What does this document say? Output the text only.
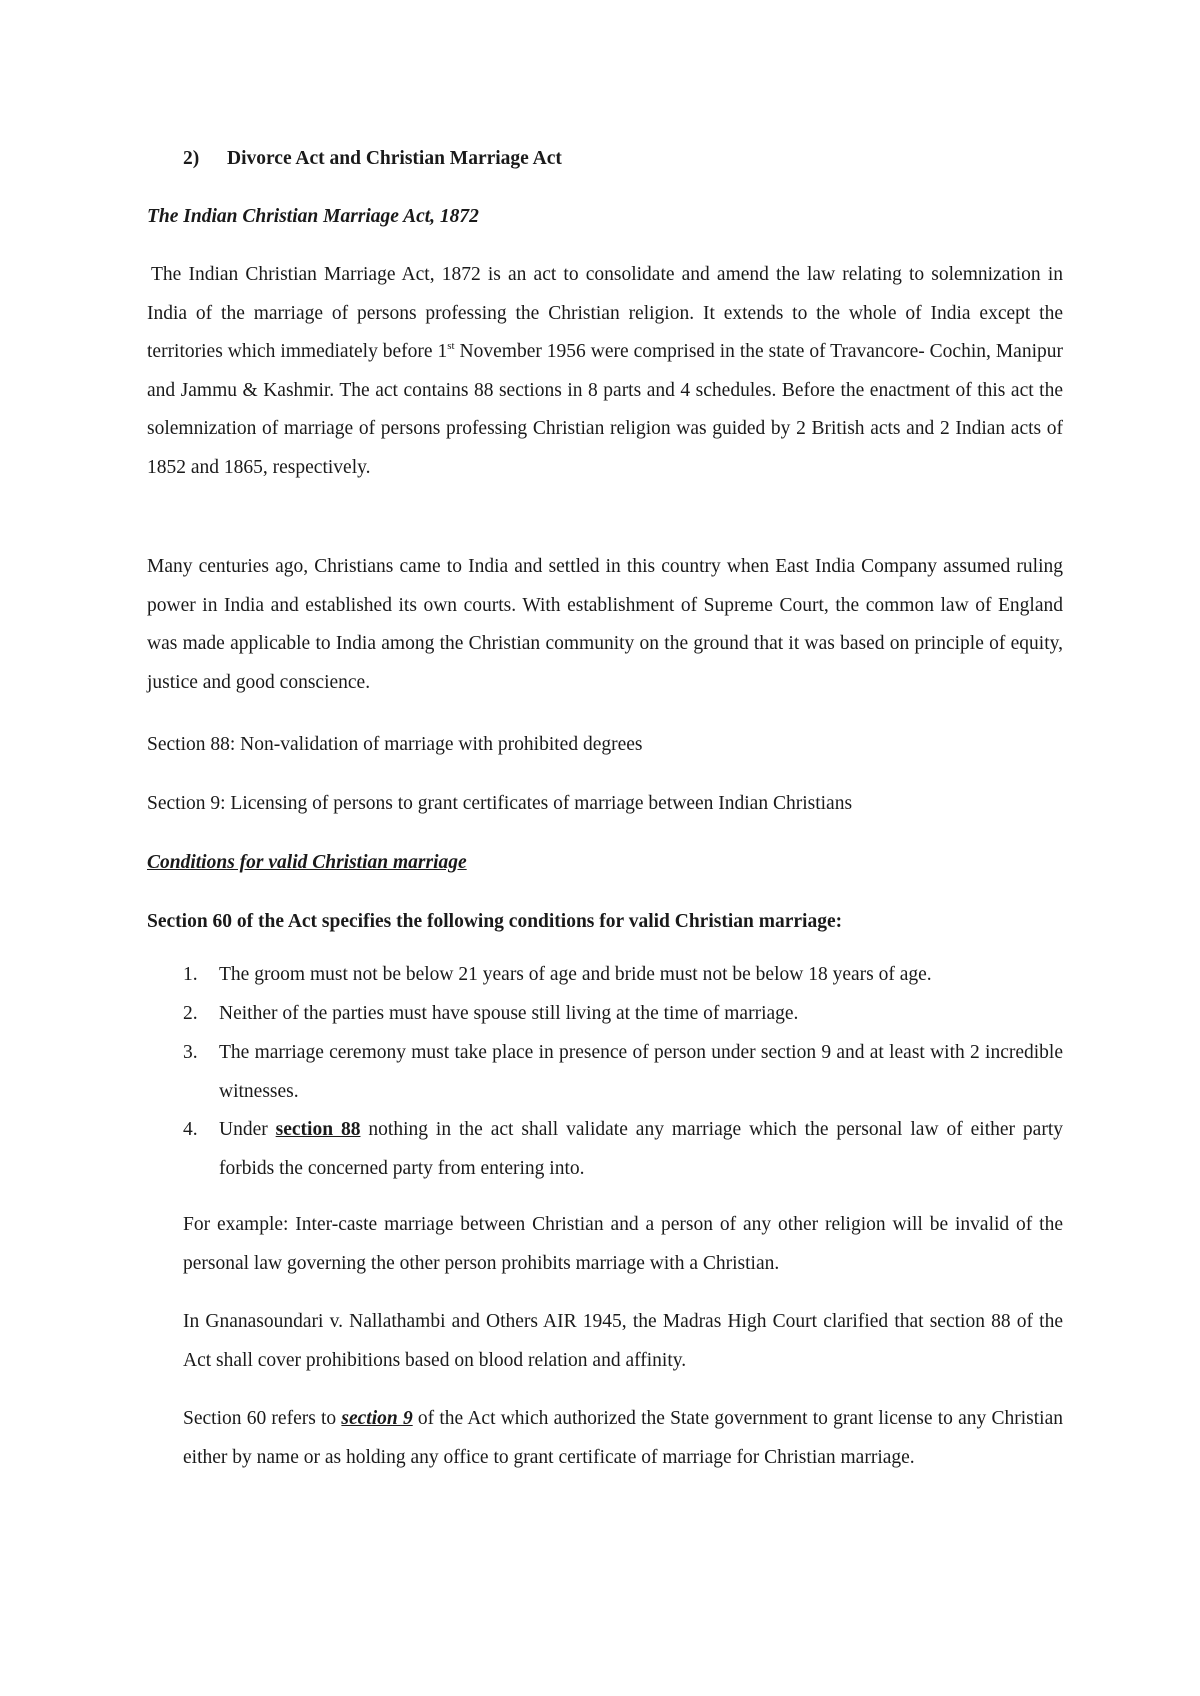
2) Divorce Act and Christian Marriage Act
The Indian Christian Marriage Act, 1872

The Indian Christian Marriage Act, 1872 is an act to consolidate and amend the law relating to solemnization in India of the marriage of persons professing the Christian religion. It extends to the whole of India except the territories which immediately before 1st November 1956 were comprised in the state of Travancore- Cochin, Manipur and Jammu & Kashmir. The act contains 88 sections in 8 parts and 4 schedules. Before the enactment of this act the solemnization of marriage of persons professing Christian religion was guided by 2 British acts and 2 Indian acts of 1852 and 1865, respectively.

Many centuries ago, Christians came to India and settled in this country when East India Company assumed ruling power in India and established its own courts. With establishment of Supreme Court, the common law of England was made applicable to India among the Christian community on the ground that it was based on principle of equity, justice and good conscience.

Section 88: Non-validation of marriage with prohibited degrees
Section 9: Licensing of persons to grant certificates of marriage between Indian Christians
Conditions for valid Christian marriage
Section 60 of the Act specifies the following conditions for valid Christian marriage:
1.	The groom must not be below 21 years of age and bride must not be below 18 years of age.
2.	Neither of the parties must have spouse still living at the time of marriage.
3.	The marriage ceremony must take place in presence of person under section 9 and at least with 2 incredible witnesses.
4.	Under section 88 nothing in the act shall validate any marriage which the personal law of either party forbids the concerned party from entering into.

For example: Inter-caste marriage between Christian and a person of any other religion will be invalid of the personal law governing the other person prohibits marriage with a Christian.

In Gnanasoundari v. Nallathambi and Others AIR 1945, the Madras High Court clarified that section 88 of the Act shall cover prohibitions based on blood relation and affinity.

Section 60 refers to section 9 of the Act which authorized the State government to grant license to any Christian either by name or as holding any office to grant certificate of marriage for Christian marriage.
